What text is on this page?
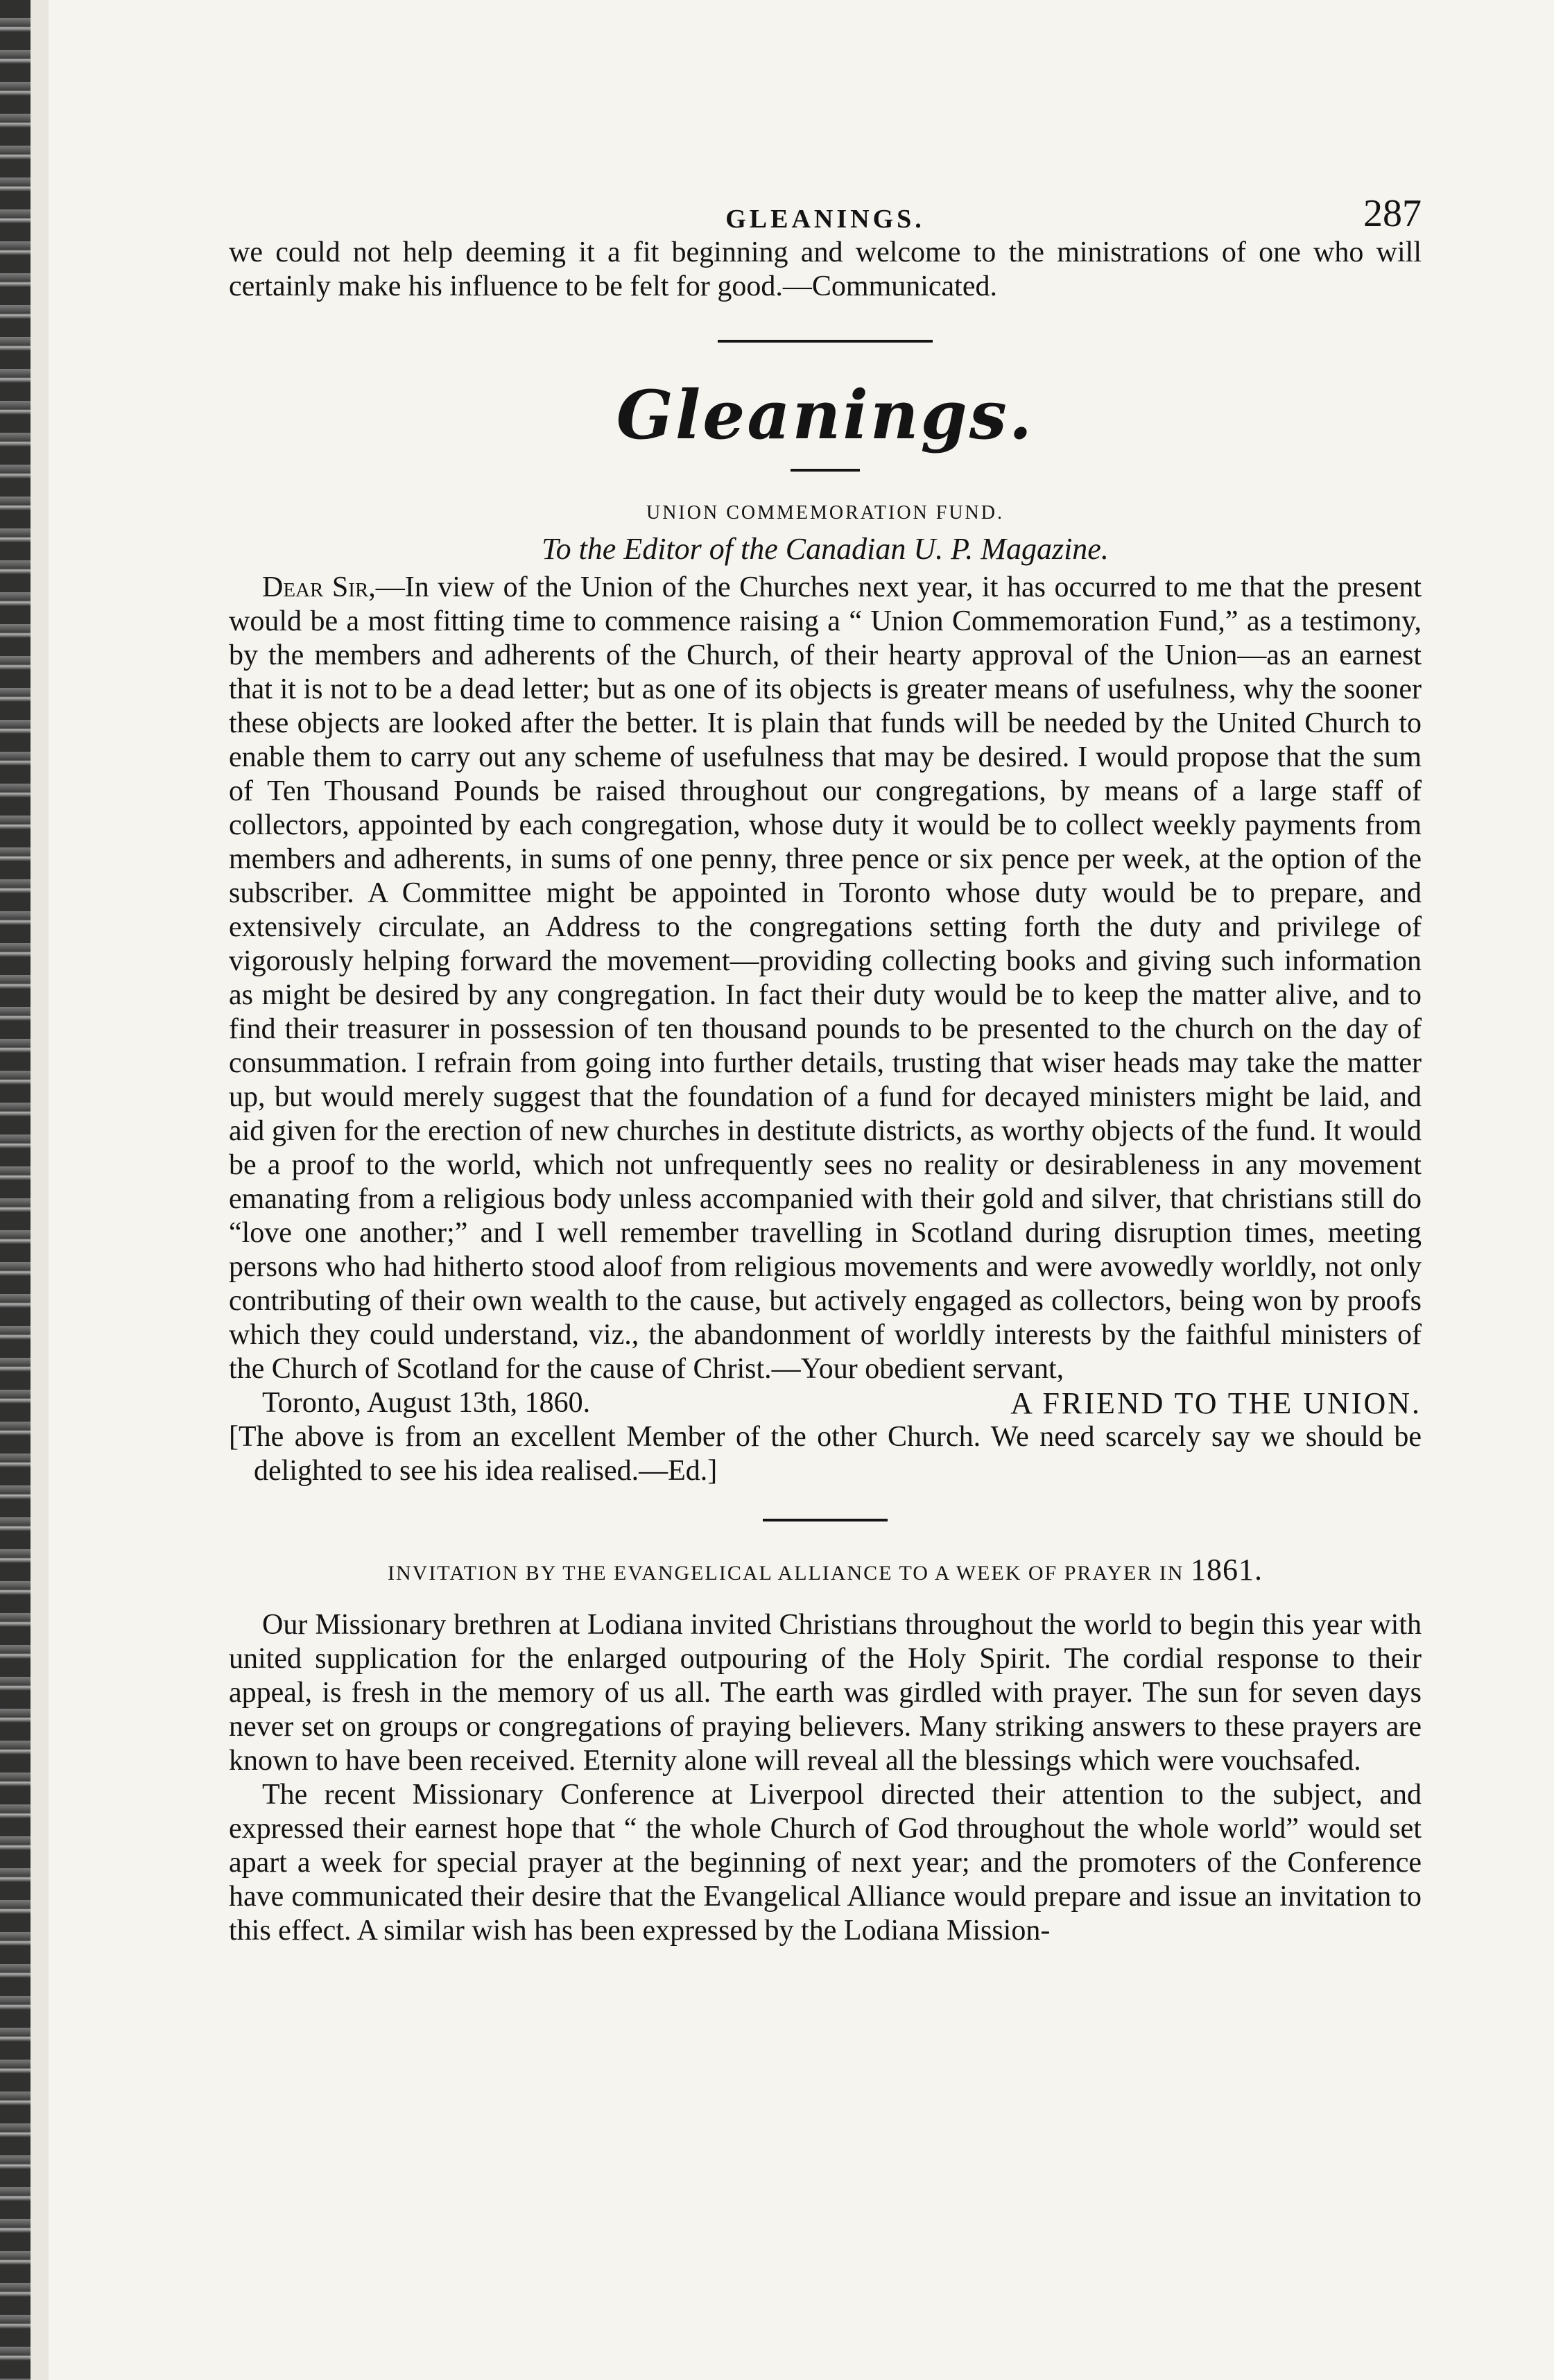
GLEANINGS.	287

we could not help deeming it a fit beginning and welcome to the ministrations of one who will certainly make his influence to be felt for good.—Communicated.

Gleanings.
UNION COMMEMORATION FUND.
To the Editor of the Canadian U. P. Magazine.

Dear Sir,—In view of the Union of the Churches next year, it has occurred to me that the present would be a most fitting time to commence raising a “ Union Commemoration Fund,” as a testimony, by the members and adherents of the Church, of their hearty approval of the Union—as an earnest that it is not to be a dead letter; but as one of its objects is greater means of usefulness, why the sooner these objects are looked after the better. It is plain that funds will be needed by the United Church to enable them to carry out any scheme of usefulness that may be desired. I would propose that the sum of Ten Thousand Pounds be raised throughout our congregations, by means of a large staff of collectors, appointed by each congregation, whose duty it would be to collect weekly payments from members and adherents, in sums of one penny, three pence or six pence per week, at the option of the subscriber. A Committee might be appointed in Toronto whose duty would be to prepare, and extensively circulate, an Address to the congregations setting forth the duty and privilege of vigorously helping forward the movement—providing collecting books and giving such information as might be desired by any congregation. In fact their duty would be to keep the matter alive, and to find their treasurer in possession of ten thousand pounds to be presented to the church on the day of consummation. I refrain from going into further details, trusting that wiser heads may take the matter up, but would merely suggest that the foundation of a fund for decayed ministers might be laid, and aid given for the erection of new churches in destitute districts, as worthy objects of the fund. It would be a proof to the world, which not unfrequently sees no reality or desirableness in any movement emanating from a religious body unless accompanied with their gold and silver, that christians still do “love one another;” and I well remember travelling in Scotland during disruption times, meeting persons who had hitherto stood aloof from religious movements and were avowedly worldly, not only contributing of their own wealth to the cause, but actively engaged as collectors, being won by proofs which they could understand, viz., the abandonment of worldly interests by the faithful ministers of the Church of Scotland for the cause of Christ.—Your obedient servant,

Toronto, August 13th, 1860.	A FRIEND TO THE UNION.

[The above is from an excellent Member of the other Church. We need scarcely say we should be delighted to see his idea realised.—Ed.]

INVITATION BY THE EVANGELICAL ALLIANCE TO A WEEK OF PRAYER IN 1861.

Our Missionary brethren at Lodiana invited Christians throughout the world to begin this year with united supplication for the enlarged outpouring of the Holy Spirit. The cordial response to their appeal, is fresh in the memory of us all. The earth was girdled with prayer. The sun for seven days never set on groups or congregations of praying believers. Many striking answers to these prayers are known to have been received. Eternity alone will reveal all the blessings which were vouchsafed.

The recent Missionary Conference at Liverpool directed their attention to the subject, and expressed their earnest hope that “ the whole Church of God throughout the whole world” would set apart a week for special prayer at the beginning of next year; and the promoters of the Conference have communicated their desire that the Evangelical Alliance would prepare and issue an invitation to this effect. A similar wish has been expressed by the Lodiana Mission-
